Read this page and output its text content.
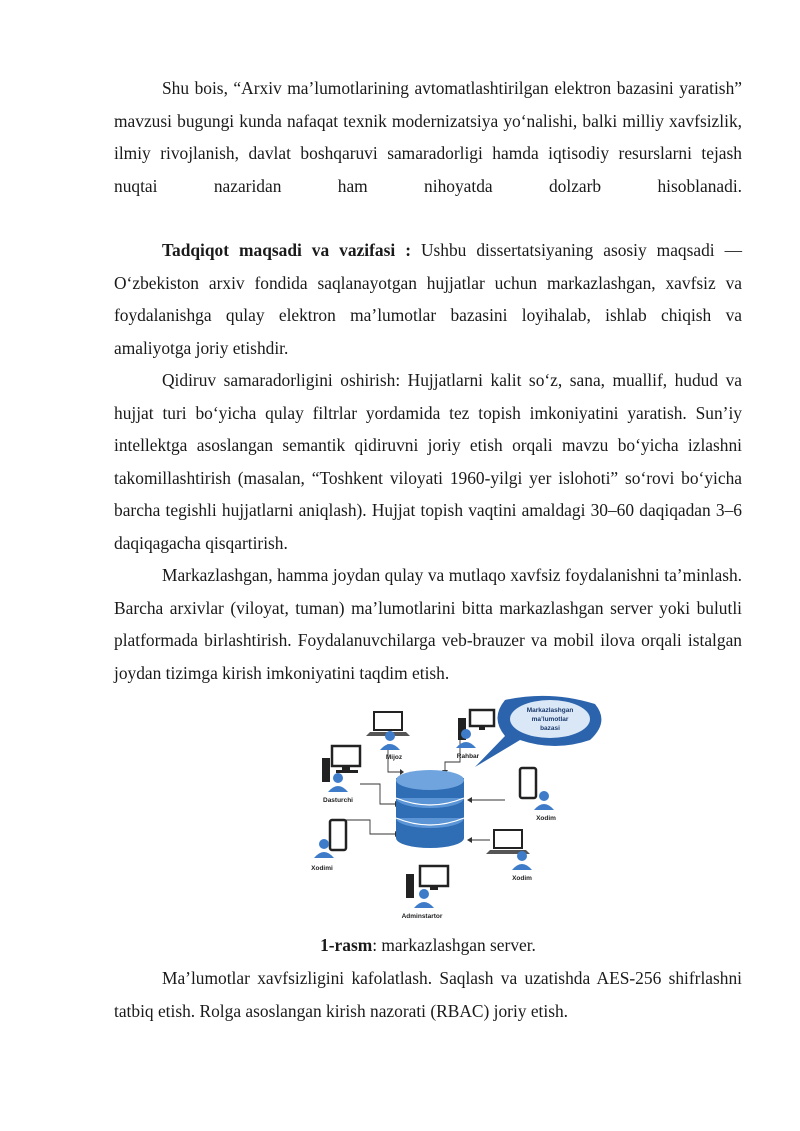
Shu bois, “Arxiv ma’lumotlarining avtomatlashtirilgan elektron bazasini yaratish” mavzusi bugungi kunda nafaqat texnik modernizatsiya yo‘nalishi, balki milliy xavfsizlik, ilmiy rivojlanish, davlat boshqaruvi samaradorligi hamda iqtisodiy resurslarni tejash nuqtai nazaridan ham nihoyatda dolzarb hisoblanadi.

Tadqiqot maqsadi va vazifasi : Ushbu dissertatsiyaning asosiy maqsadi — O‘zbekiston arxiv fondida saqlanayotgan hujjatlar uchun markazlashgan, xavfsiz va foydalanishga qulay elektron ma’lumotlar bazasini loyihalab, ishlab chiqish va amaliyotga joriy etishdir.

Qidiruv samaradorligini oshirish: Hujjatlarni kalit so‘z, sana, muallif, hudud va hujjat turi bo‘yicha qulay filtrlar yordamida tez topish imkoniyatini yaratish. Sun’iy intellektga asoslangan semantik qidiruvni joriy etish orqali mavzu bo‘yicha izlashni takomillashtirish (masalan, “Toshkent viloyati 1960-yilgi yer islohoti” so‘rovi bo‘yicha barcha tegishli hujjatlarni aniqlash). Hujjat topish vaqtini amaldagi 30–60 daqiqadan 3–6 daqiqagacha qisqartirish.

Markazlashgan, hamma joydan qulay va mutlaqo xavfsiz foydalanishni ta’minlash. Barcha arxivlar (viloyat, tuman) ma’lumotlarini bitta markazlashgan server yoki bulutli platformada birlashtirish. Foydalanuvchilarga veb-brauzer va mobil ilova orqali istalgan joydan tizimga kirish imkoniyatini taqdim etish.

Markazlashgan
ma’lumotlar
bazasi
Mijoz	Rahbar
Dasturchi
Xodim
Xodimi
Xodim
Adminstartor
1-rasm: markazlashgan server.

Ma’lumotlar xavfsizligini kafolatlash. Saqlash va uzatishda AES-256 shifrlashni tatbiq etish. Rolga asoslangan kirish nazorati (RBAC) joriy etish.
